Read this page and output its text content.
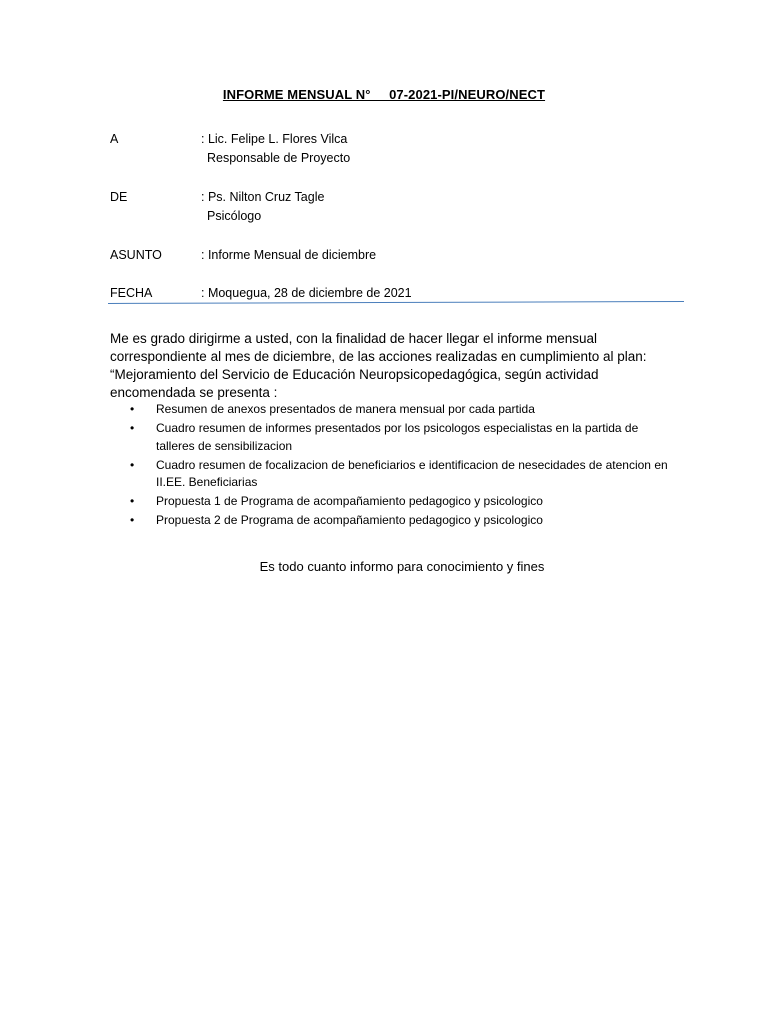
INFORME MENSUAL N°     07-2021-PI/NEURO/NECT
A	: Lic. Felipe L. Flores Vilca
Responsable de Proyecto
DE	: Ps. Nilton Cruz Tagle
Psicólogo
ASUNTO	: Informe Mensual de diciembre
FECHA	: Moquegua, 28 de diciembre de 2021
Me es grado dirigirme a usted, con la finalidad de hacer llegar el informe mensual correspondiente al mes de diciembre, de las acciones realizadas en cumplimiento al plan: “Mejoramiento del Servicio de Educación Neuropsicopedagógica, según actividad encomendada se presenta :
• Resumen de anexos presentados de manera mensual por cada partida
• Cuadro resumen de informes presentados por los psicologos especialistas en la partida de talleres de sensibilizacion
• Cuadro resumen de focalizacion de beneficiarios e identificacion de nesecidades de atencion en II.EE. Beneficiarias
• Propuesta 1 de Programa de acompañamiento pedagogico y psicologico
• Propuesta 2 de Programa de acompañamiento pedagogico y psicologico
Es todo cuanto informo para conocimiento y fines
